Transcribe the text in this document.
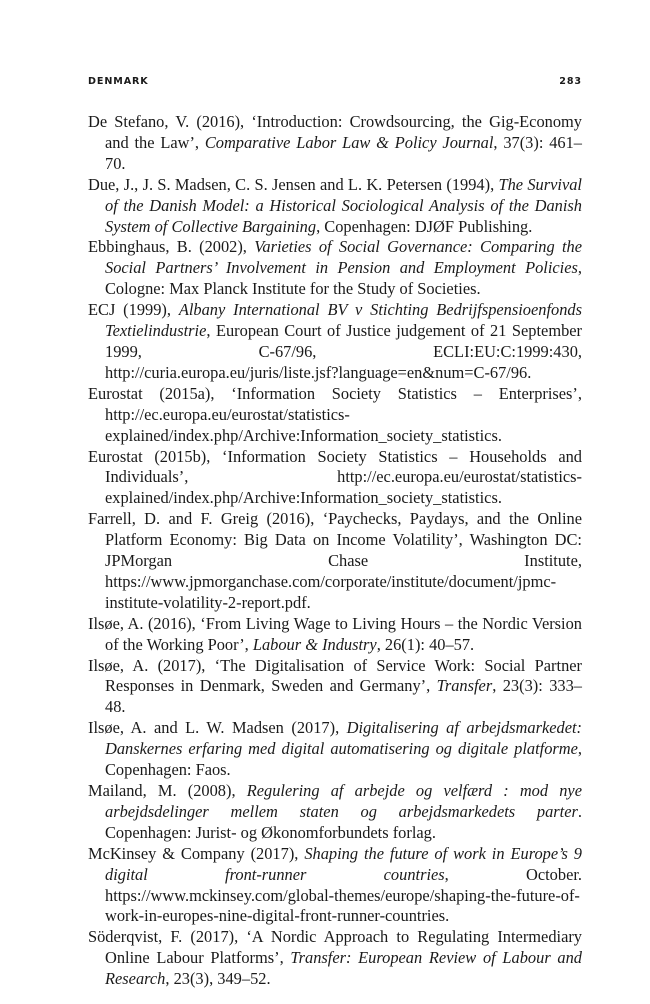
DENMARK	283

De Stefano, V. (2016), ‘Introduction: Crowdsourcing, the Gig-Economy and the Law’, Comparative Labor Law & Policy Journal, 37(3): 461–70.

Due, J., J. S. Madsen, C. S. Jensen and L. K. Petersen (1994), The Survival of the Danish Model: a Historical Sociological Analysis of the Danish System of Collective Bargaining, Copenhagen: DJØF Publishing.

Ebbinghaus, B. (2002), Varieties of Social Governance: Comparing the Social Partners’ Involvement in Pension and Employment Policies, Cologne: Max Planck Institute for the Study of Societies.

ECJ (1999), Albany International BV v Stichting Bedrijfspensioenfonds Textielindustrie, European Court of Justice judgement of 21 September 1999, C-67/96, ECLI:EU:C:1999:430, http://curia.europa.eu/juris/liste.jsf?language=en&num=C-67/96.

Eurostat (2015a), ‘Information Society Statistics – Enterprises’, http://ec.europa.eu/eurostat/statistics-explained/index.php/Archive:Information_society_statistics.

Eurostat (2015b), ‘Information Society Statistics – Households and Individuals’, http://ec.europa.eu/eurostat/statistics-explained/index.php/Archive:Information_society_statistics.

Farrell, D. and F. Greig (2016), ‘Paychecks, Paydays, and the Online Platform Economy: Big Data on Income Volatility’, Washington DC: JPMorgan Chase Institute, https://www.jpmorganchase.com/corporate/institute/document/jpmc-institute-volatility-2-report.pdf.

Ilsøe, A. (2016), ‘From Living Wage to Living Hours – the Nordic Version of the Working Poor’, Labour & Industry, 26(1): 40–57.

Ilsøe, A. (2017), ‘The Digitalisation of Service Work: Social Partner Responses in Denmark, Sweden and Germany’, Transfer, 23(3): 333–48.

Ilsøe, A. and L. W. Madsen (2017), Digitalisering af arbejdsmarkedet: Danskernes erfaring med digital automatisering og digitale platforme, Copenhagen: Faos.

Mailand, M. (2008), Regulering af arbejde og velfærd : mod nye arbejdsdelinger mellem staten og arbejdsmarkedets parter. Copenhagen: Jurist- og Økonomforbundets forlag.

McKinsey & Company (2017), Shaping the future of work in Europe’s 9 digital front-runner countries, October. https://www.mckinsey.com/global-themes/europe/shaping-the-future-of-work-in-europes-nine-digital-front-runner-countries.

Söderqvist, F. (2017), ‘A Nordic Approach to Regulating Intermediary Online Labour Platforms’, Transfer: European Review of Labour and Research, 23(3), 349–52.
